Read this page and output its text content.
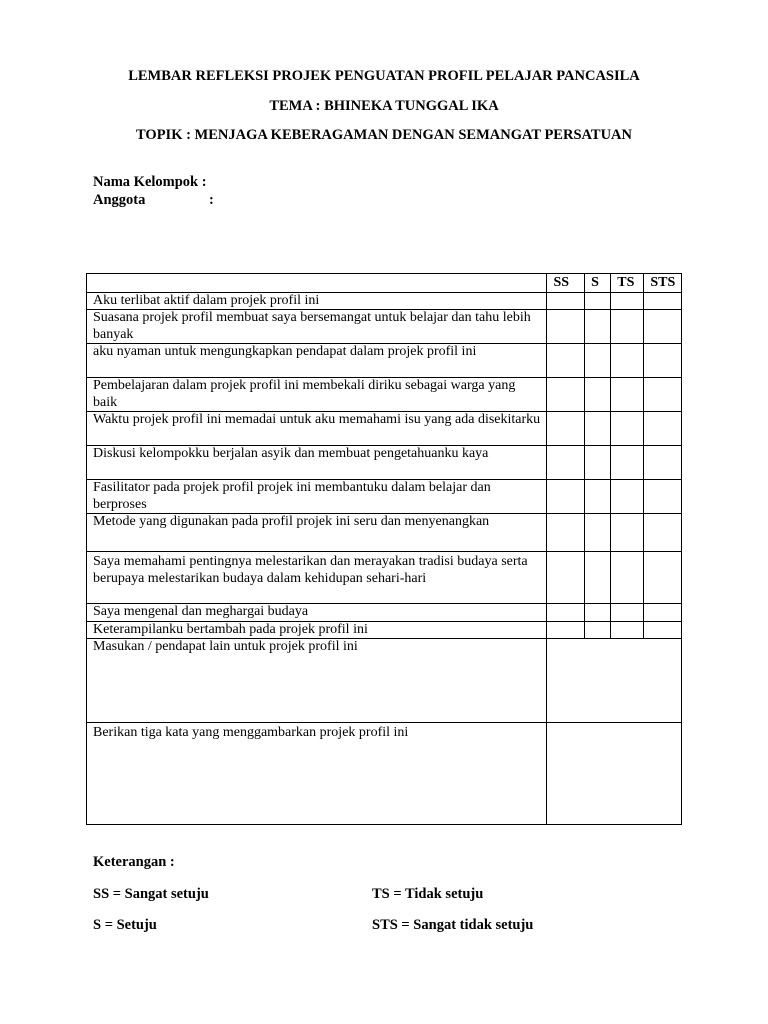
LEMBAR REFLEKSI PROJEK PENGUATAN PROFIL PELAJAR PANCASILA
TEMA : BHINEKA TUNGGAL IKA
TOPIK : MENJAGA KEBERAGAMAN DENGAN SEMANGAT PERSATUAN
Nama Kelompok :
Anggota	:
	SS	S	TS	STS
Aku terlibat aktif dalam projek profil ini				
Suasana projek profil membuat saya bersemangat untuk belajar dan tahu lebih banyak				
aku nyaman untuk mengungkapkan pendapat dalam projek profil ini				
Pembelajaran dalam projek profil ini membekali diriku sebagai warga yang baik				
Waktu projek profil ini memadai untuk aku memahami isu yang ada disekitarku				
Diskusi kelompokku berjalan asyik dan membuat pengetahuanku kaya				
Fasilitator pada projek profil projek ini membantuku dalam belajar dan berproses				
Metode yang digunakan pada profil projek ini seru dan menyenangkan				
Saya memahami pentingnya melestarikan dan merayakan tradisi budaya serta berupaya melestarikan budaya dalam kehidupan sehari-hari				
Saya mengenal dan meghargai budaya				
Keterampilanku bertambah pada projek profil ini				
Masukan / pendapat lain untuk projek profil ini				
Berikan tiga kata yang menggambarkan projek profil ini				
Keterangan :
SS = Sangat setuju	TS = Tidak setuju
S = Setuju	STS = Sangat tidak setuju
